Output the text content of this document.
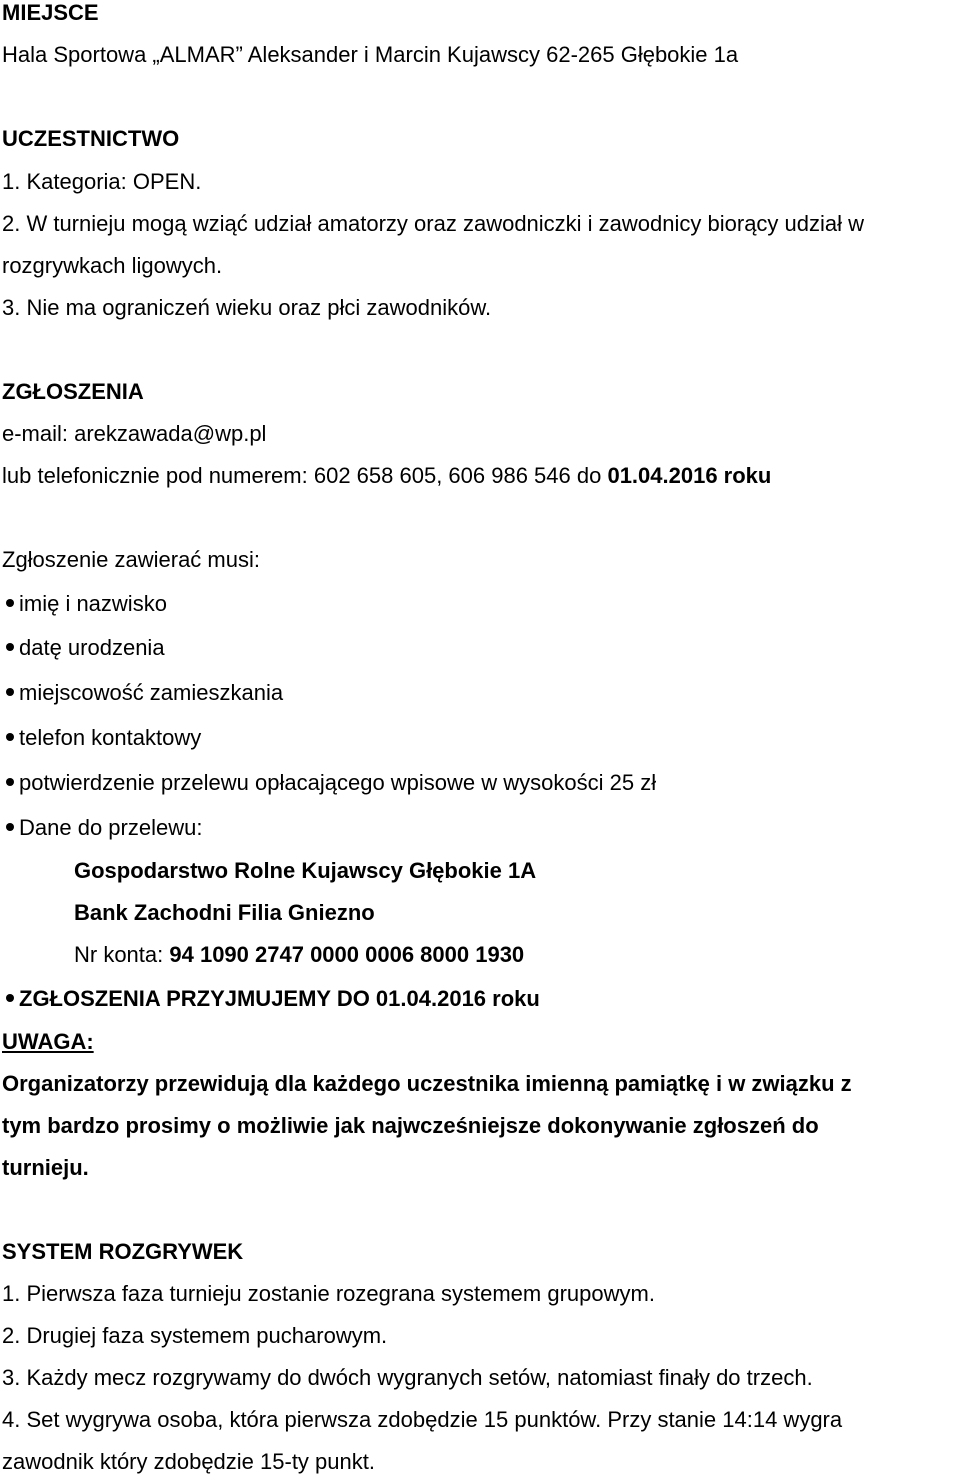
MIEJSCE
Hala Sportowa „ALMAR” Aleksander i Marcin Kujawscy 62-265 Głębokie 1a
UCZESTNICTWO
1. Kategoria: OPEN.
2. W turnieju mogą wziąć udział amatorzy oraz zawodniczki i zawodnicy biorący udział w
rozgrywkach ligowych.
3. Nie ma ograniczeń wieku oraz płci zawodników.
ZGŁOSZENIA
e-mail: arekzawada@wp.pl
lub telefonicznie pod numerem: 602 658 605, 606 986 546 do 01.04.2016 roku
Zgłoszenie zawierać musi:
imię i nazwisko
datę urodzenia
miejscowość zamieszkania
telefon kontaktowy
potwierdzenie przelewu opłacającego wpisowe w wysokości 25 zł
Dane do przelewu:
Gospodarstwo Rolne Kujawscy Głębokie 1A
Bank Zachodni Filia Gniezno
Nr konta: 94 1090 2747 0000 0006 8000 1930
ZGŁOSZENIA PRZYJMUJEMY DO 01.04.2016 roku
UWAGA:
Organizatorzy przewidują dla każdego uczestnika imienną pamiątkę i w związku z
tym bardzo prosimy o możliwie jak najwcześniejsze dokonywanie zgłoszeń do
turnieju.
SYSTEM ROZGRYWEK
1. Pierwsza faza turnieju zostanie rozegrana systemem grupowym.
2. Drugiej faza systemem pucharowym.
3. Każdy mecz rozgrywamy do dwóch wygranych setów, natomiast finały do trzech.
4. Set wygrywa osoba, która pierwsza zdobędzie 15 punktów. Przy stanie 14:14 wygra
zawodnik który zdobędzie 15-ty punkt.
